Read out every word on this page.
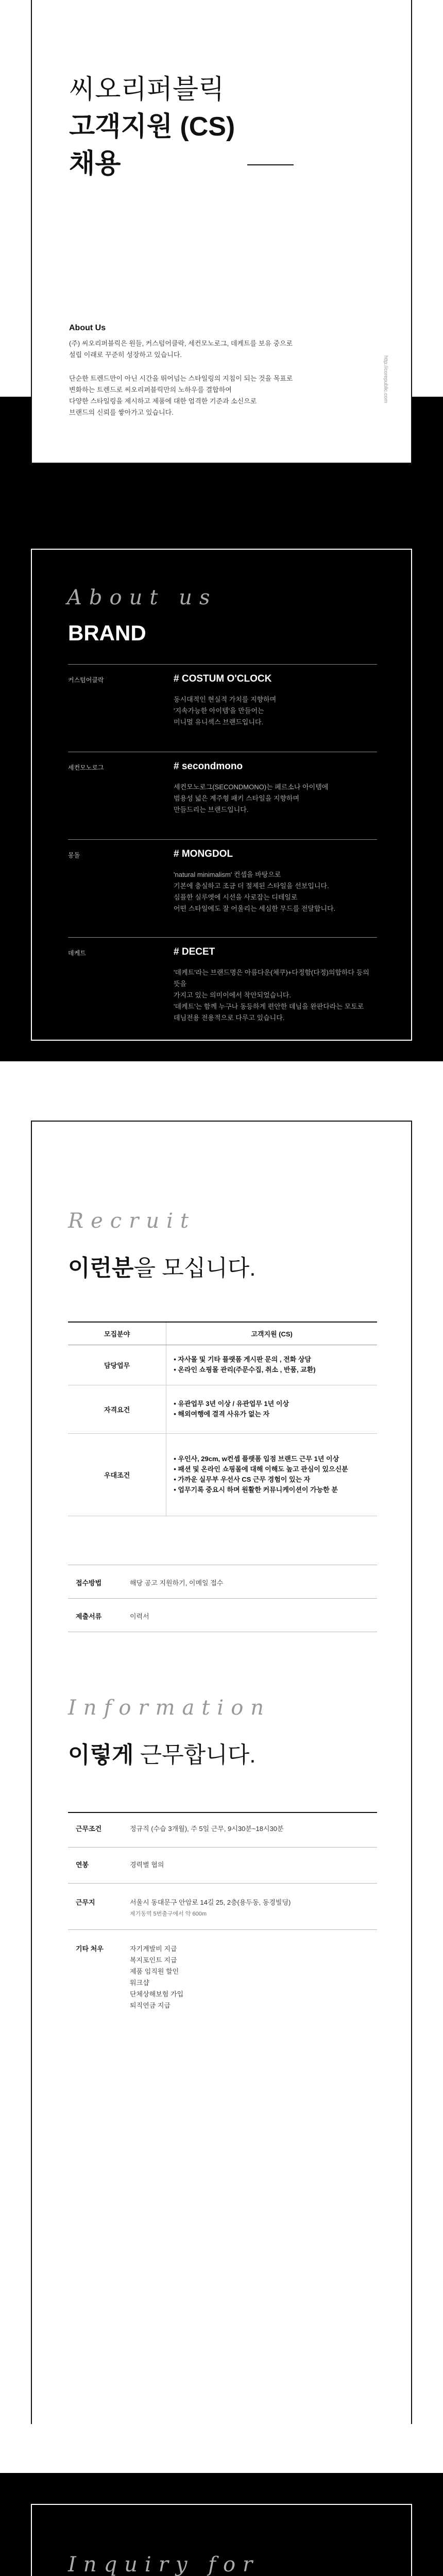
씨오리퍼블릭
고객지원 (CS)
채용
About Us
(주) 씨오리퍼블릭은 원들, 커스텀어클락, 세컨모노로그, 데케트를 보유 중으로
설립 이래로 꾸준히 성장하고 있습니다.
단순한 트렌드만이 아닌 시간을 뛰어넘는 스타일링의 지침이 되는 것을 목표로
변화하는 트렌드로 씨오리퍼블릭만의 노하우를 결합하여
다양한 스타일링을 제시하고 제품에 대한 엄격한 기준과 소신으로
브랜드의 신뢰를 쌓아가고 있습니다.
http://corepublic.com
About us
BRAND
커스텀어클락	# COSTUM O'CLOCK
동시대적인 현실적 가치를 지향하며
'지속가능한 아이템'을 만들어는
미니멀 유니섹스 브랜드입니다.
세컨모노로그	# secondmono
세컨모노로그(SECONDMONO)는 페르소나 아이템에
범용성 넓은 계주형 패키 스타일을 지향하며
만들드리는 브랜드입니다.
몽돌	# MONGDOL
'natural minimalism' 컨셉을 바탕으로
기본에 충실하고 조금 더 절제된 스타일을 선보입니다.
심플한 실루엣에 시선을 사로잡는 디테일로
어떤 스타일에도 잘 어울리는 세심한 무드를 전달합니다.
데케트	# DECET
'데케트'라는 브랜드명은 아름다운(체쿠)+다정함(다정)의합하다 등의 뜻을
가지고 있는 의미이에서 착안되었습니다.
'데케트'는 함께 누구나 동등하게 편안한 데님을 완판다라는 모토로
데님전용 전용적으로 다루고 있습니다.
Recruit
이런분을 모십니다.
모집분야	고객지원 (CS)
담당업무	• 자사몰 및 기타 플랫폼 게시판 문의 , 전화 상담
• 온라인 쇼핑몰 관리(주문수집, 취소 , 반품, 교환)

자격요건	• 유관업무 3년 이상 / 유관업무 1년 이상
• 해외여행에 결격 사유가 없는 자

우대조건	• 우인사, 29cm, w컨셉 플랫폼 입점 브랜드 근무 1년 이상
• 패션 및 온라인 쇼핑몰에 대해 이해도 높고 관심이 있으신분
• 가까운 실무부 우선사 CS 근무 경험이 있는 자
• 업무기록 중요시 하며 원활한 커뮤니케이션이 가능한 분
접수방법	해당 공고 지원하기, 이메일 접수
제출서류	이력서
Information
이렇게 근무합니다.
근무조건	정규직 (수습 3개월), 주 5일 근무, 9시30분~18시30분
연봉	경력별 협의
근무지	서울시 동대문구 안암로 14길 25, 2층(용두동, 동경빌딩)
제기동역 5번출구에서 약 600m
기타 처우	자기계발비 지급
복지포인트 지급
제품 임직원 할인
워크샵
단체상해보험 가입
퇴직연금 지급
Inquiry for
